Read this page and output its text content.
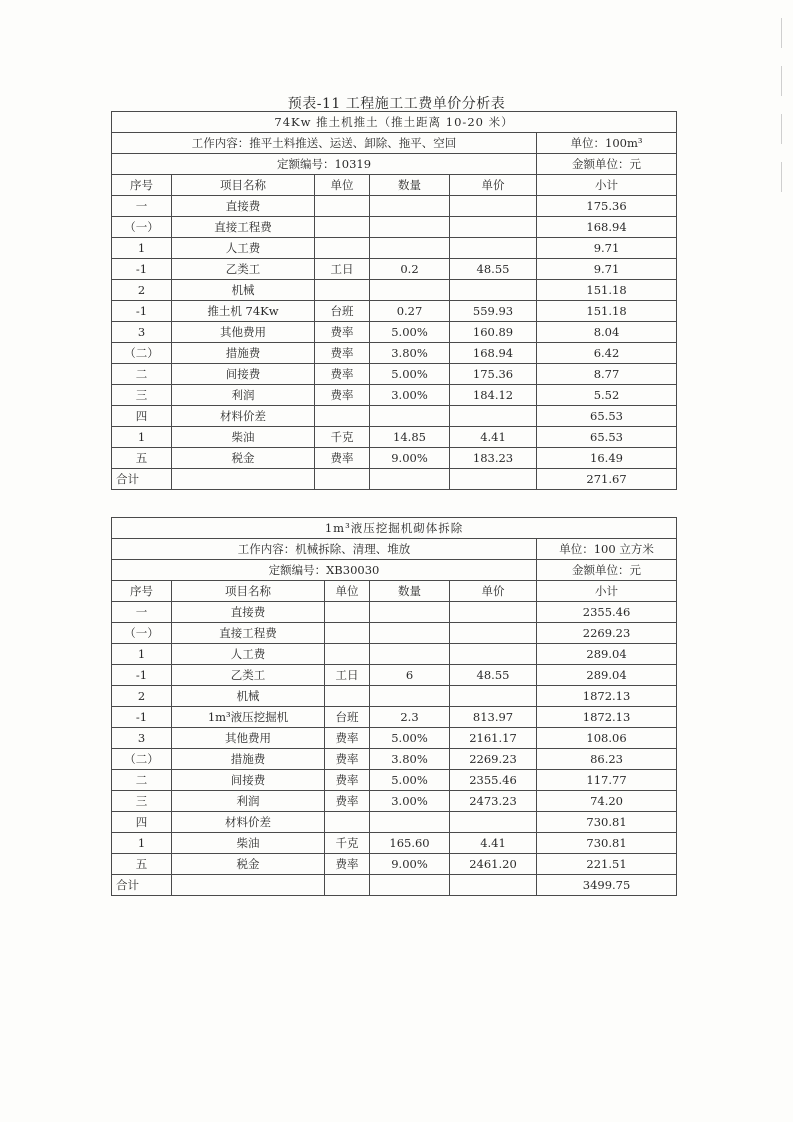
预表-11 工程施工工费单价分析表
74Kw 推土机推土（推土距离 10-20 米）					
工作内容：推平土料推送、运送、卸除、拖平、空回					单位：100m³
定额编号：10319					金额单位：元
序号	项目名称	单位	数量	单价	小计
一	直接费				175.36
（一）	直接工程费				168.94
1	人工费				9.71
-1	乙类工	工日	0.2	48.55	9.71
2	机械				151.18
-1	推土机 74Kw	台班	0.27	559.93	151.18
3	其他费用	费率	5.00%	160.89	8.04
（二）	措施费	费率	3.80%	168.94	6.42
二	间接费	费率	5.00%	175.36	8.77
三	利润	费率	3.00%	184.12	5.52
四	材料价差				65.53
1	柴油	千克	14.85	4.41	65.53
五	税金	费率	9.00%	183.23	16.49
合计					271.67
1m³液压挖掘机砌体拆除					
工作内容：机械拆除、清理、堆放					单位：100 立方米
定额编号：XB30030					金额单位：元
序号	项目名称	单位	数量	单价	小计
一	直接费				2355.46
（一）	直接工程费				2269.23
1	人工费				289.04
-1	乙类工	工日	6	48.55	289.04
2	机械				1872.13
-1	1m³液压挖掘机	台班	2.3	813.97	1872.13
3	其他费用	费率	5.00%	2161.17	108.06
（二）	措施费	费率	3.80%	2269.23	86.23
二	间接费	费率	5.00%	2355.46	117.77
三	利润	费率	3.00%	2473.23	74.20
四	材料价差				730.81
1	柴油	千克	165.60	4.41	730.81
五	税金	费率	9.00%	2461.20	221.51
合计					3499.75
